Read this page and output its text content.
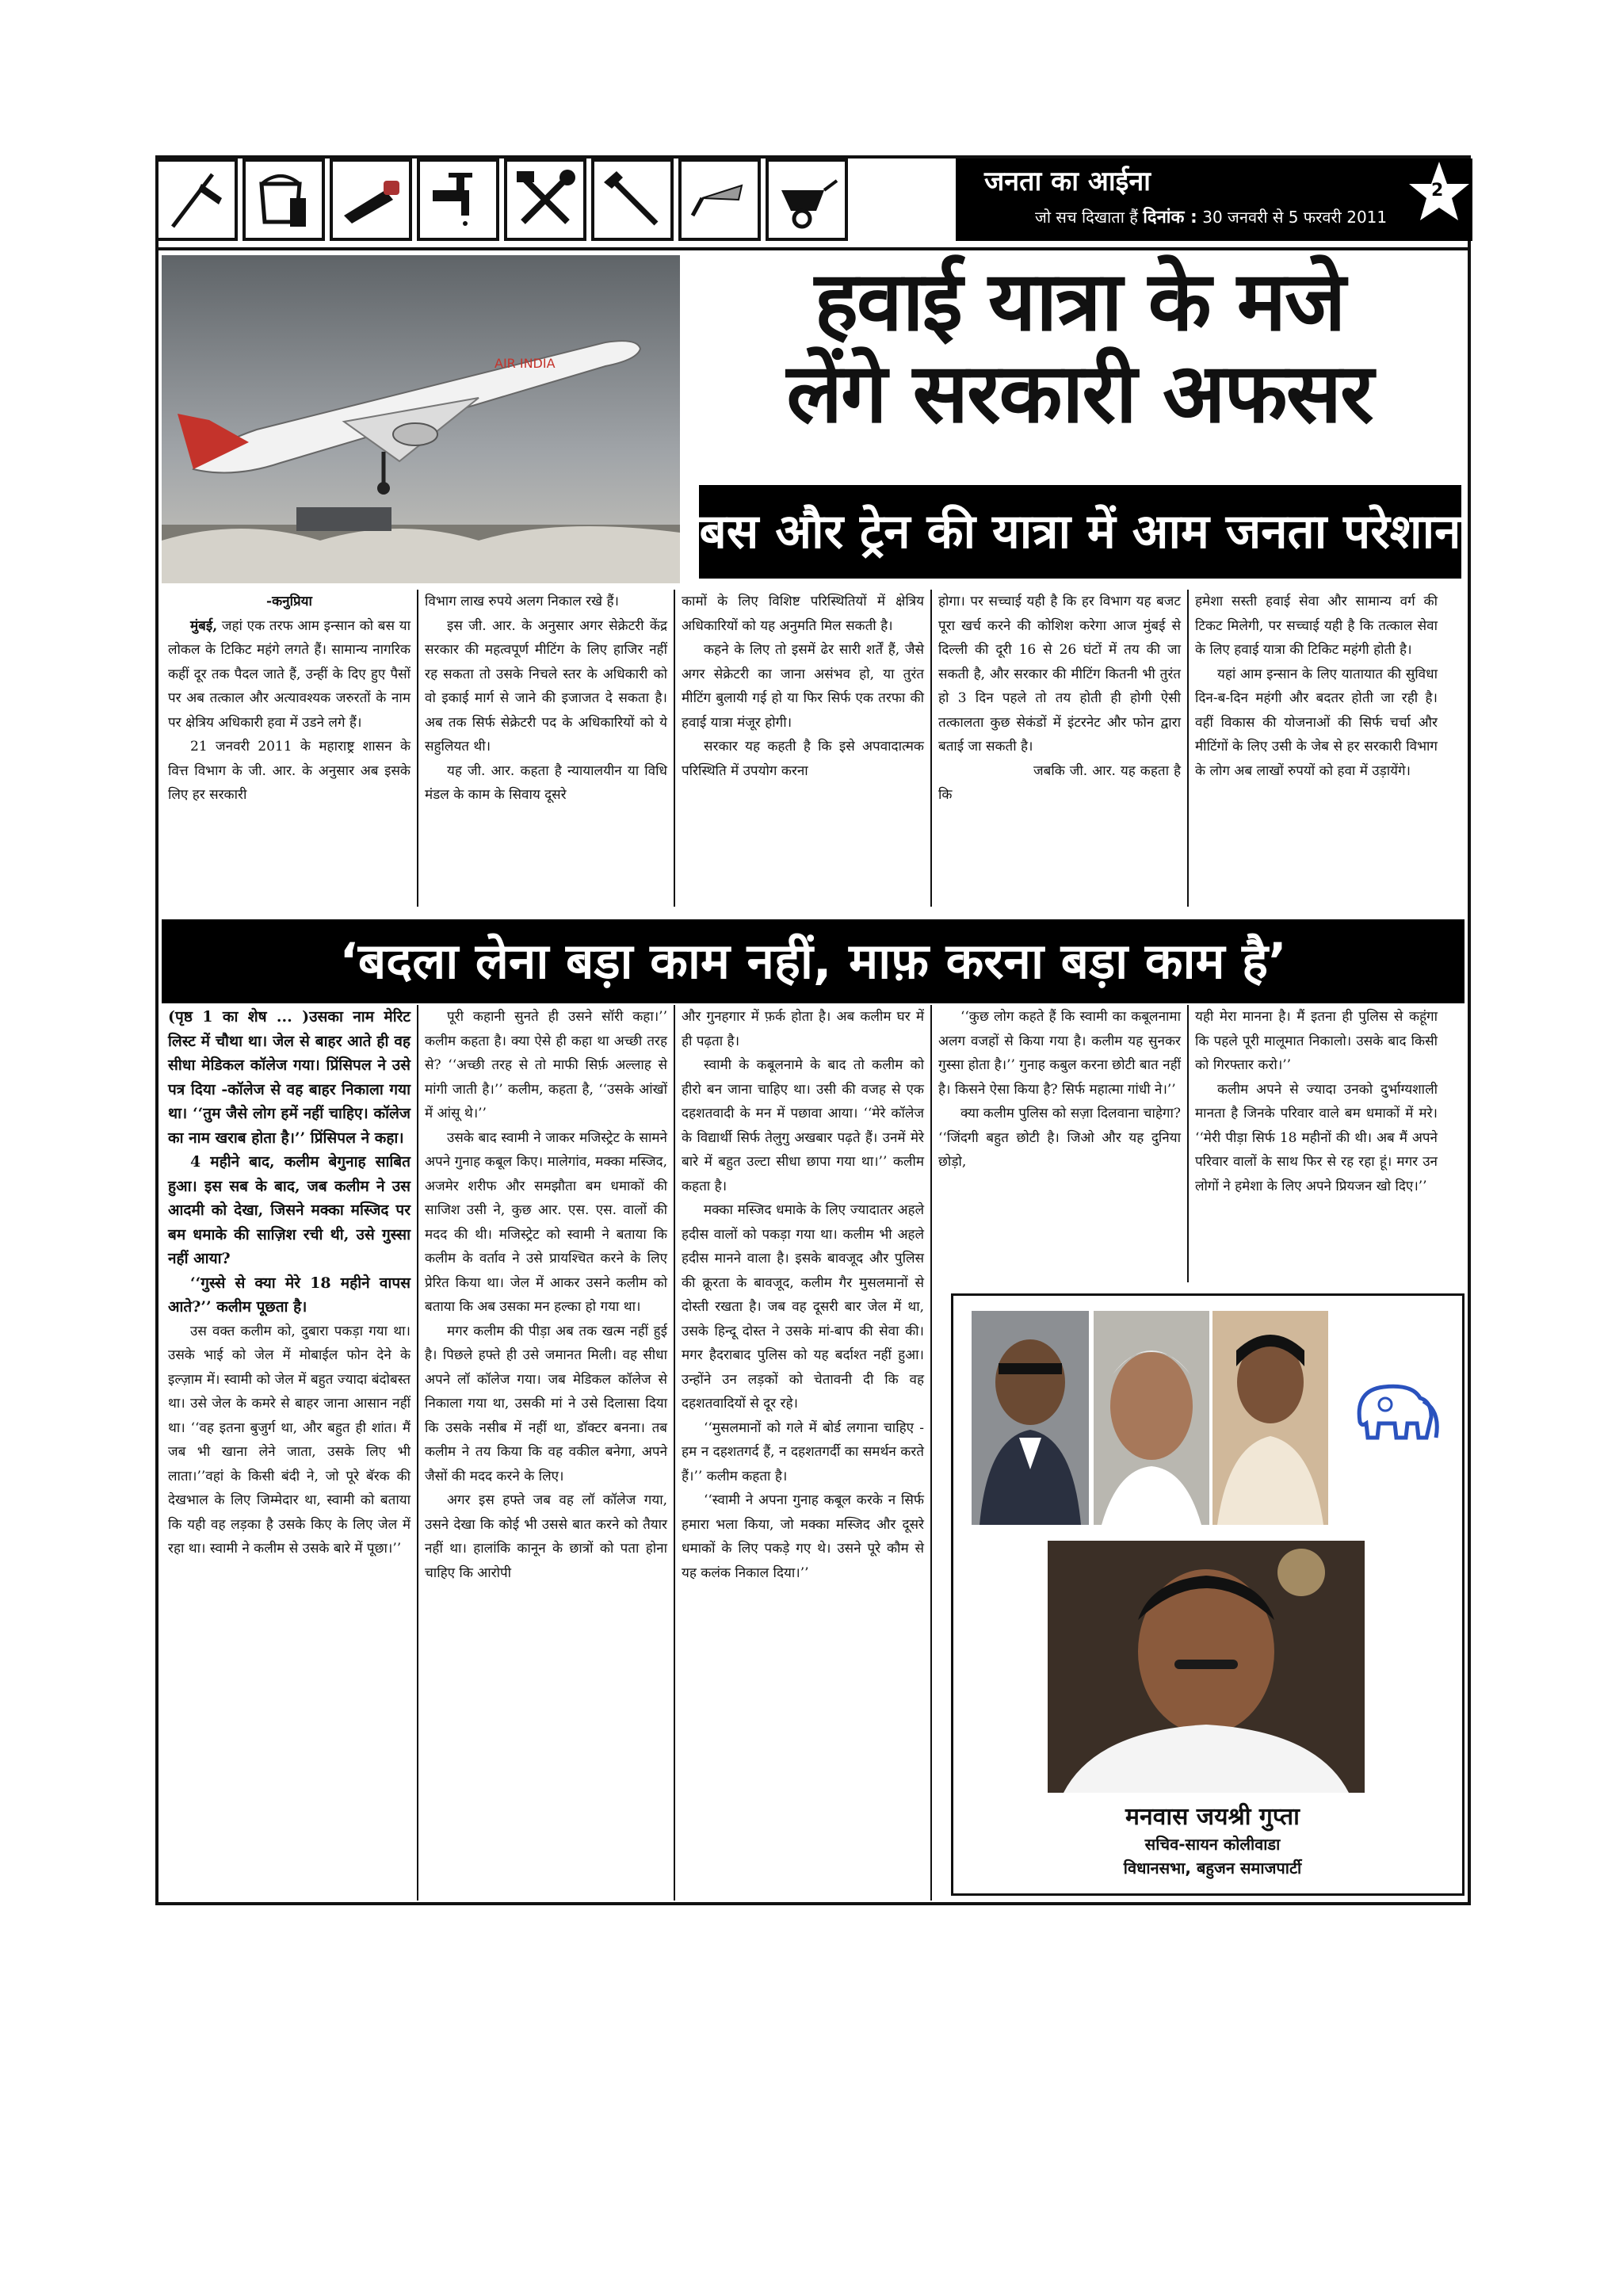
जनता का आईना
जो सच दिखाता हैं दिनांक : 30 जनवरी से 5 फरवरी 2011
2
AIR INDIA
हवाई यात्रा के मजे
लेंगे सरकारी अफसर
बस और ट्रेन की यात्रा में आम जनता परेशान

-कनुप्रिया

मुंबई, जहां एक तरफ आम इन्सान को बस या लोकल के टिकिट महंगे लगते हैं। सामान्य नागरिक कहीं दूर तक पैदल जाते हैं, उन्हीं के दिए हुए पैसों पर अब तत्काल और अत्यावश्यक जरुरतों के नाम पर क्षेत्रिय अधिकारी हवा में उडने लगे हैं।

21 जनवरी 2011 के महाराष्ट्र शासन के वित्त विभाग के जी. आर. के अनुसार अब इसके लिए हर सरकारी

विभाग लाख रुपये अलग निकाल रखे हैं।

इस जी. आर. के अनुसार अगर सेक्रेटरी केंद्र सरकार की महत्वपूर्ण मीटिंग के लिए हाजिर नहीं रह सकता तो उसके निचले स्तर के अधिकारी को वो इकाई मार्ग से जाने की इजाजत दे सकता है। अब तक सिर्फ सेक्रेटरी पद के अधिकारियों को ये सहुलियत थी।

यह जी. आर. कहता है न्यायालयीन या विधि मंडल के काम के सिवाय दूसरे

कामों के लिए विशिष्ट परिस्थितियों में क्षेत्रिय अधिकारियों को यह अनुमति मिल सकती है।

कहने के लिए तो इसमें ढेर सारी शर्तें हैं, जैसे अगर सेक्रेटरी का जाना असंभव हो, या तुरंत मीटिंग बुलायी गई हो या फिर सिर्फ एक तरफा की हवाई यात्रा मंजूर होगी।

सरकार यह कहती है कि इसे अपवादात्मक परिस्थिति में उपयोग करना

होगा। पर सच्चाई यही है कि हर विभाग यह बजट पूरा खर्च करने की कोशिश करेगा आज मुंबई से दिल्ली की दूरी 16 से 26 घंटों में तय की जा सकती है, और सरकार की मीटिंग कितनी भी तुरंत हो 3 दिन पहले तो तय होती ही होगी ऐसी तत्कालता कुछ सेकंडों में इंटरनेट और फोन द्वारा बताई जा सकती है।

जबकि जी. आर. यह कहता है कि

हमेशा सस्ती हवाई सेवा और सामान्य वर्ग की टिकट मिलेगी, पर सच्चाई यही है कि तत्काल सेवा के लिए हवाई यात्रा की टिकिट महंगी होती है।

यहां आम इन्सान के लिए यातायात की सुविधा दिन-ब-दिन महंगी और बदतर होती जा रही है। वहीं विकास की योजनाओं की सिर्फ चर्चा और मीटिंगों के लिए उसी के जेब से हर सरकारी विभाग के लोग अब लाखों रुपयों को हवा में उड़ायेंगे।

‘बदला लेना बड़ा काम नहीं, माफ़ करना बड़ा काम है’

(पृष्ठ 1 का शेष ... )उसका नाम मेरिट लिस्ट में चौथा था। जेल से बाहर आते ही वह सीधा मेडिकल कॉलेज गया। प्रिंसिपल ने उसे पत्र दिया -कॉलेज से वह बाहर निकाला गया था। ‘‘तुम जैसे लोग हमें नहीं चाहिए। कॉलेज का नाम खराब होता है।’’ प्रिंसिपल ने कहा।

4 महीने बाद, कलीम बेगुनाह साबित हुआ। इस सब के बाद, जब कलीम ने उस आदमी को देखा, जिसने मक्का मस्जिद पर बम धमाके की साज़िश रची थी, उसे गुस्सा नहीं आया?

‘‘गुस्से से क्या मेरे 18 महीने वापस आते?’’ कलीम पूछता है।

उस वक्त कलीम को, दुबारा पकड़ा गया था। उसके भाई को जेल में मोबाईल फोन देने के इल्ज़ाम में। स्वामी को जेल में बहुत ज्यादा बंदोबस्त था। उसे जेल के कमरे से बाहर जाना आसान नहीं था। ‘‘वह इतना बुजुर्ग था, और बहुत ही शांत। मैं जब भी खाना लेने जाता, उसके लिए भी लाता।’’वहां के किसी बंदी ने, जो पूरे बॅरक की देखभाल के लिए जिम्मेदार था, स्वामी को बताया कि यही वह लड़का है उसके किए के लिए जेल में रहा था। स्वामी ने कलीम से उसके बारे में पूछा।’’

पूरी कहानी सुनते ही उसने सॉरी कहा।’’ कलीम कहता है। क्या ऐसे ही कहा था अच्छी तरह से? ‘‘अच्छी तरह से तो माफी सिर्फ़ अल्लाह से मांगी जाती है।’’ कलीम, कहता है, ‘‘उसके आंखों में आंसू थे।’’

उसके बाद स्वामी ने जाकर मजिस्ट्रेट के सामने अपने गुनाह कबूल किए। मालेगांव, मक्का मस्जिद, अजमेर शरीफ और समझौता बम धमाकों की साजिश उसी ने, कुछ आर. एस. एस. वालों की मदद की थी। मजिस्ट्रेट को स्वामी ने बताया कि कलीम के वर्ताव ने उसे प्रायश्चित करने के लिए प्रेरित किया था। जेल में आकर उसने कलीम को बताया कि अब उसका मन हल्का हो गया था।

मगर कलीम की पीड़ा अब तक खत्म नहीं हुई है। पिछले हफ्ते ही उसे जमानत मिली। वह सीधा अपने लॉ कॉलेज गया। जब मेडिकल कॉलेज से निकाला गया था, उसकी मां ने उसे दिलासा दिया कि उसके नसीब में नहीं था, डॉक्टर बनना। तब कलीम ने तय किया कि वह वकील बनेगा, अपने जैसों की मदद करने के लिए।

अगर इस हफ्ते जब वह लॉ कॉलेज गया, उसने देखा कि कोई भी उससे बात करने को तैयार नहीं था। हालांकि कानून के छात्रों को पता होना चाहिए कि आरोपी

और गुनहगार में फ़र्क होता है। अब कलीम घर में ही पढ़ता है।

स्वामी के कबूलनामे के बाद तो कलीम को हीरो बन जाना चाहिए था। उसी की वजह से एक दहशतवादी के मन में पछावा आया। ‘‘मेरे कॉलेज के विद्यार्थी सिर्फ तेलुगु अखबार पढ़ते हैं। उनमें मेरे बारे में बहुत उल्टा सीधा छापा गया था।’’ कलीम कहता है।

मक्का मस्जिद धमाके के लिए ज्यादातर अहले हदीस वालों को पकड़ा गया था। कलीम भी अहले हदीस मानने वाला है। इसके बावजूद और पुलिस की क्रूरता के बावजूद, कलीम गैर मुसलमानों से दोस्ती रखता है। जब वह दूसरी बार जेल में था, उसके हिन्दू दोस्त ने उसके मां-बाप की सेवा की। मगर हैदराबाद पुलिस को यह बर्दाश्त नहीं हुआ। उन्होंने उन लड़कों को चेतावनी दी कि वह दहशतवादियों से दूर रहे।

‘‘मुसलमानों को गले में बोर्ड लगाना चाहिए - हम न दहशतगर्द हैं, न दहशतगर्दी का समर्थन करते हैं।’’ कलीम कहता है।

‘‘स्वामी ने अपना गुनाह कबूल करके न सिर्फ हमारा भला किया, जो मक्का मस्जिद और दूसरे धमाकों के लिए पकड़े गए थे। उसने पूरे कौम से यह कलंक निकाल दिया।’’

‘‘कुछ लोग कहते हैं कि स्वामी का कबूलनामा अलग वजहों से किया गया है। कलीम यह सुनकर गुस्सा होता है।’’ गुनाह कबुल करना छोटी बात नहीं है। किसने ऐसा किया है? सिर्फ महात्मा गांधी ने।’’

क्या कलीम पुलिस को सज़ा दिलवाना चाहेगा? ‘‘जिंदगी बहुत छोटी है। जिओ और यह दुनिया छोड़ो,

यही मेरा मानना है। मैं इतना ही पुलिस से कहूंगा कि पहले पूरी मालूमात निकालो। उसके बाद किसी को गिरफ्तार करो।’’

कलीम अपने से ज्यादा उनको दुर्भाग्यशाली मानता है जिनके परिवार वाले बम धमाकों में मरे। ‘‘मेरी पीड़ा सिर्फ 18 महीनों की थी। अब मैं अपने परिवार वालों के साथ फिर से रह रहा हूं। मगर उन लोगों ने हमेशा के लिए अपने प्रियजन खो दिए।’’

मनवास जयश्री गुप्ता
सचिव-सायन कोलीवाडा
विधानसभा, बहुजन समाजपार्टी
